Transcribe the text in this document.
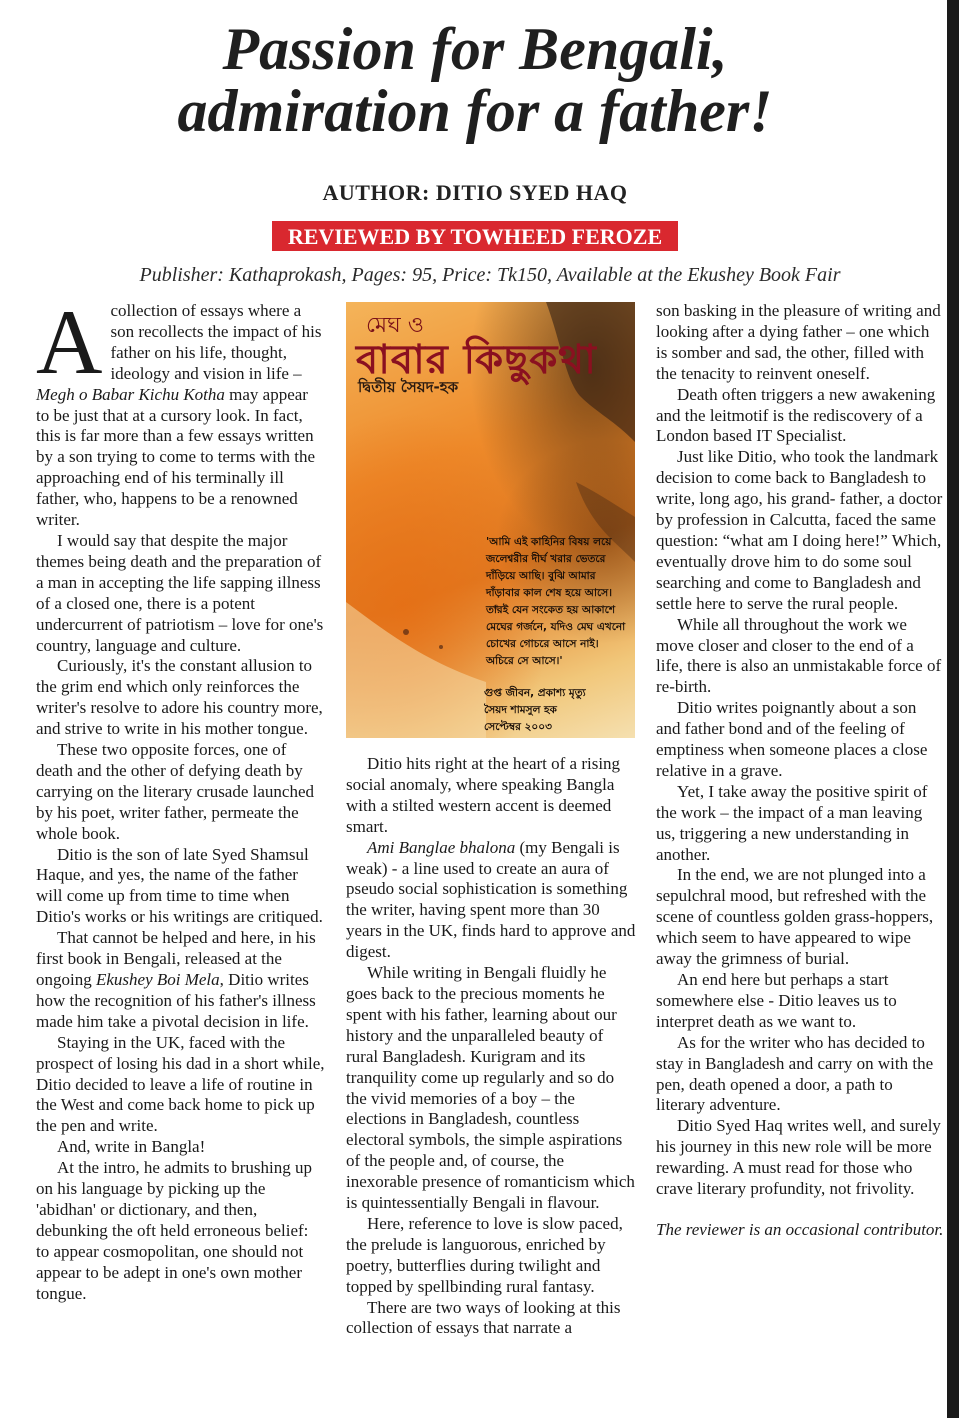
Passion for Bengali,
admiration for a father!
AUTHOR: DITIO SYED HAQ
REVIEWED BY TOWHEED FEROZE
Publisher: Kathaprokash, Pages: 95, Price: Tk150, Available at the Ekushey Book Fair

Acollection of essays where a son recollects the impact of his father on his life, thought, ideology and vision in life – Megh o Babar Kichu Kotha may appear to be just that at a cursory look. In fact, this is far more than a few essays written by a son trying to come to terms with the approaching end of his terminally ill father, who, happens to be a renowned writer.

I would say that despite the major themes being death and the preparation of a man in accepting the life sapping illness of a closed one, there is a potent undercurrent of patriotism – love for one's country, language and culture.

Curiously, it's the constant allusion to the grim end which only reinforces the writer's resolve to adore his country more, and strive to write in his mother tongue.

These two opposite forces, one of death and the other of defying death by carrying on the literary crusade launched by his poet, writer father, permeate the whole book.

Ditio is the son of late Syed Shamsul Haque, and yes, the name of the father will come up from time to time when Ditio's works or his writings are critiqued.

That cannot be helped and here, in his first book in Bengali, released at the ongoing Ekushey Boi Mela, Ditio writes how the recognition of his father's illness made him take a pivotal decision in life.

Staying in the UK, faced with the prospect of losing his dad in a short while, Ditio decided to leave a life of routine in the West and come back home to pick up the pen and write.

And, write in Bangla!

At the intro, he admits to brushing up on his language by picking up the 'abidhan' or dictionary, and then, debunking the oft held erroneous belief: to appear cosmopolitan, one should not appear to be adept in one's own mother tongue.

মেঘ ও
বাবার কিছুকথা
দ্বিতীয় সৈয়দ-হক
'আমি এই কাহিনির বিষয় লয়ে
জলেশ্বরীর দীর্ঘ খরার ভেতরে
দাঁড়িয়ে আছি। বুঝি আমার
দাঁড়াবার কাল শেষ হয়ে আসে।
তারই যেন সংকেত হয় আকাশে
মেঘের গর্জনে, যদিও মেঘ এখনো
চোখের গোচরে আসে নাই।
অচিরে সে আসে।'
গুপ্ত জীবন, প্রকাশ্য মৃত্যু
সৈয়দ শামসুল হক
সেপ্টেম্বর ২০০৩

Ditio hits right at the heart of a rising social anomaly, where speaking Bangla with a stilted western accent is deemed smart.

Ami Banglae bhalona (my Bengali is weak) - a line used to create an aura of pseudo social sophistication is something the writer, having spent more than 30 years in the UK, finds hard to approve and digest.

While writing in Bengali fluidly he goes back to the precious moments he spent with his father, learning about our history and the unparalleled beauty of rural Bangladesh. Kurigram and its tranquility come up regularly and so do the vivid memories of a boy – the elections in Bangladesh, countless electoral symbols, the simple aspirations of the people and, of course, the inexorable presence of romanticism which is quintessentially Bengali in flavour.

Here, reference to love is slow paced, the prelude is languorous, enriched by poetry, butterflies during twilight and topped by spellbinding rural fantasy.

There are two ways of looking at this collection of essays that narrate a

son basking in the pleasure of writing and looking after a dying father – one which is somber and sad, the other, filled with the tenacity to reinvent oneself.

Death often triggers a new awakening and the leitmotif is the rediscovery of a London based IT Specialist.

Just like Ditio, who took the landmark decision to come back to Bangladesh to write, long ago, his grand- father, a doctor by profession in Calcutta, faced the same question: “what am I doing here!” Which, eventually drove him to do some soul searching and come to Bangladesh and settle here to serve the rural people.

While all throughout the work we move closer and closer to the end of a life, there is also an unmistakable force of re-birth.

Ditio writes poignantly about a son and father bond and of the feeling of emptiness when someone places a close relative in a grave.

Yet, I take away the positive spirit of the work – the impact of a man leaving us, triggering a new understanding in another.

In the end, we are not plunged into a sepulchral mood, but refreshed with the scene of countless golden grass-hoppers, which seem to have appeared to wipe away the grimness of burial.

An end here but perhaps a start somewhere else - Ditio leaves us to interpret death as we want to.

As for the writer who has decided to stay in Bangladesh and carry on with the pen, death opened a door, a path to literary adventure.

Ditio Syed Haq writes well, and surely his journey in this new role will be more rewarding. A must read for those who crave literary profundity, not frivolity.

The reviewer is an occasional contributor.
